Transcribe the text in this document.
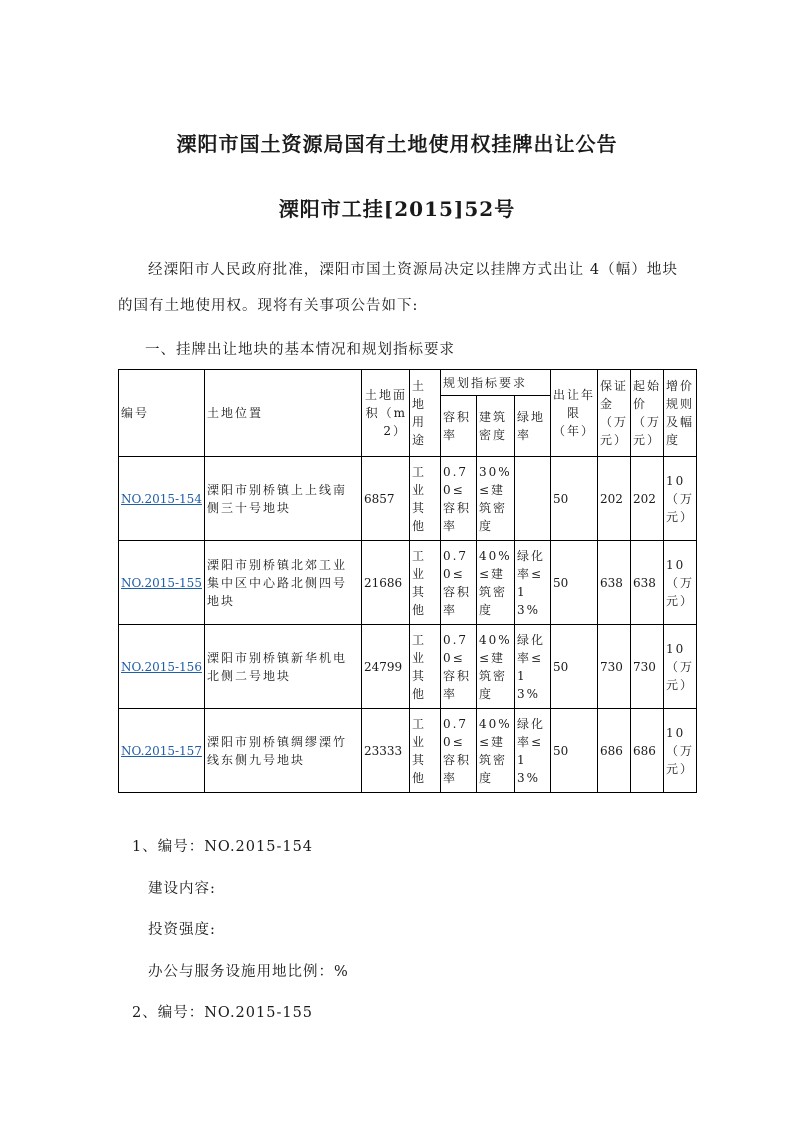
溧阳市国土资源局国有土地使用权挂牌出让公告
溧阳市工挂[2015]52号
经溧阳市人民政府批准，溧阳市国土资源局决定以挂牌方式出让 4（幅）地块的国有土地使用权。现将有关事项公告如下:
一、挂牌出让地块的基本情况和规划指标要求
编号	土地位置	土地面积（m2）	土地用途	规划指标要求			出让年限（年）	保证金（万元）	起始价（万元）	增价规则及幅度
				容积率	建筑密度	绿地率				
NO.2015-154	溧阳市别桥镇上上线南侧三十号地块	6857	工业其他	0.70≤容积率	30%≤建筑密度		50	202	202	10（万元）
NO.2015-155	溧阳市别桥镇北郊工业集中区中心路北侧四号地块	21686	工业其他	0.70≤容积率	40%≤建筑密度	绿化率≤13%	50	638	638	10（万元）
NO.2015-156	溧阳市别桥镇新华机电北侧二号地块	24799	工业其他	0.70≤容积率	40%≤建筑密度	绿化率≤13%	50	730	730	10（万元）
NO.2015-157	溧阳市别桥镇绸缪溧竹线东侧九号地块	23333	工业其他	0.70≤容积率	40%≤建筑密度	绿化率≤13%	50	686	686	10（万元）
1、编号：NO.2015-154
建设内容:
投资强度:
办公与服务设施用地比例：%
2、编号：NO.2015-155
